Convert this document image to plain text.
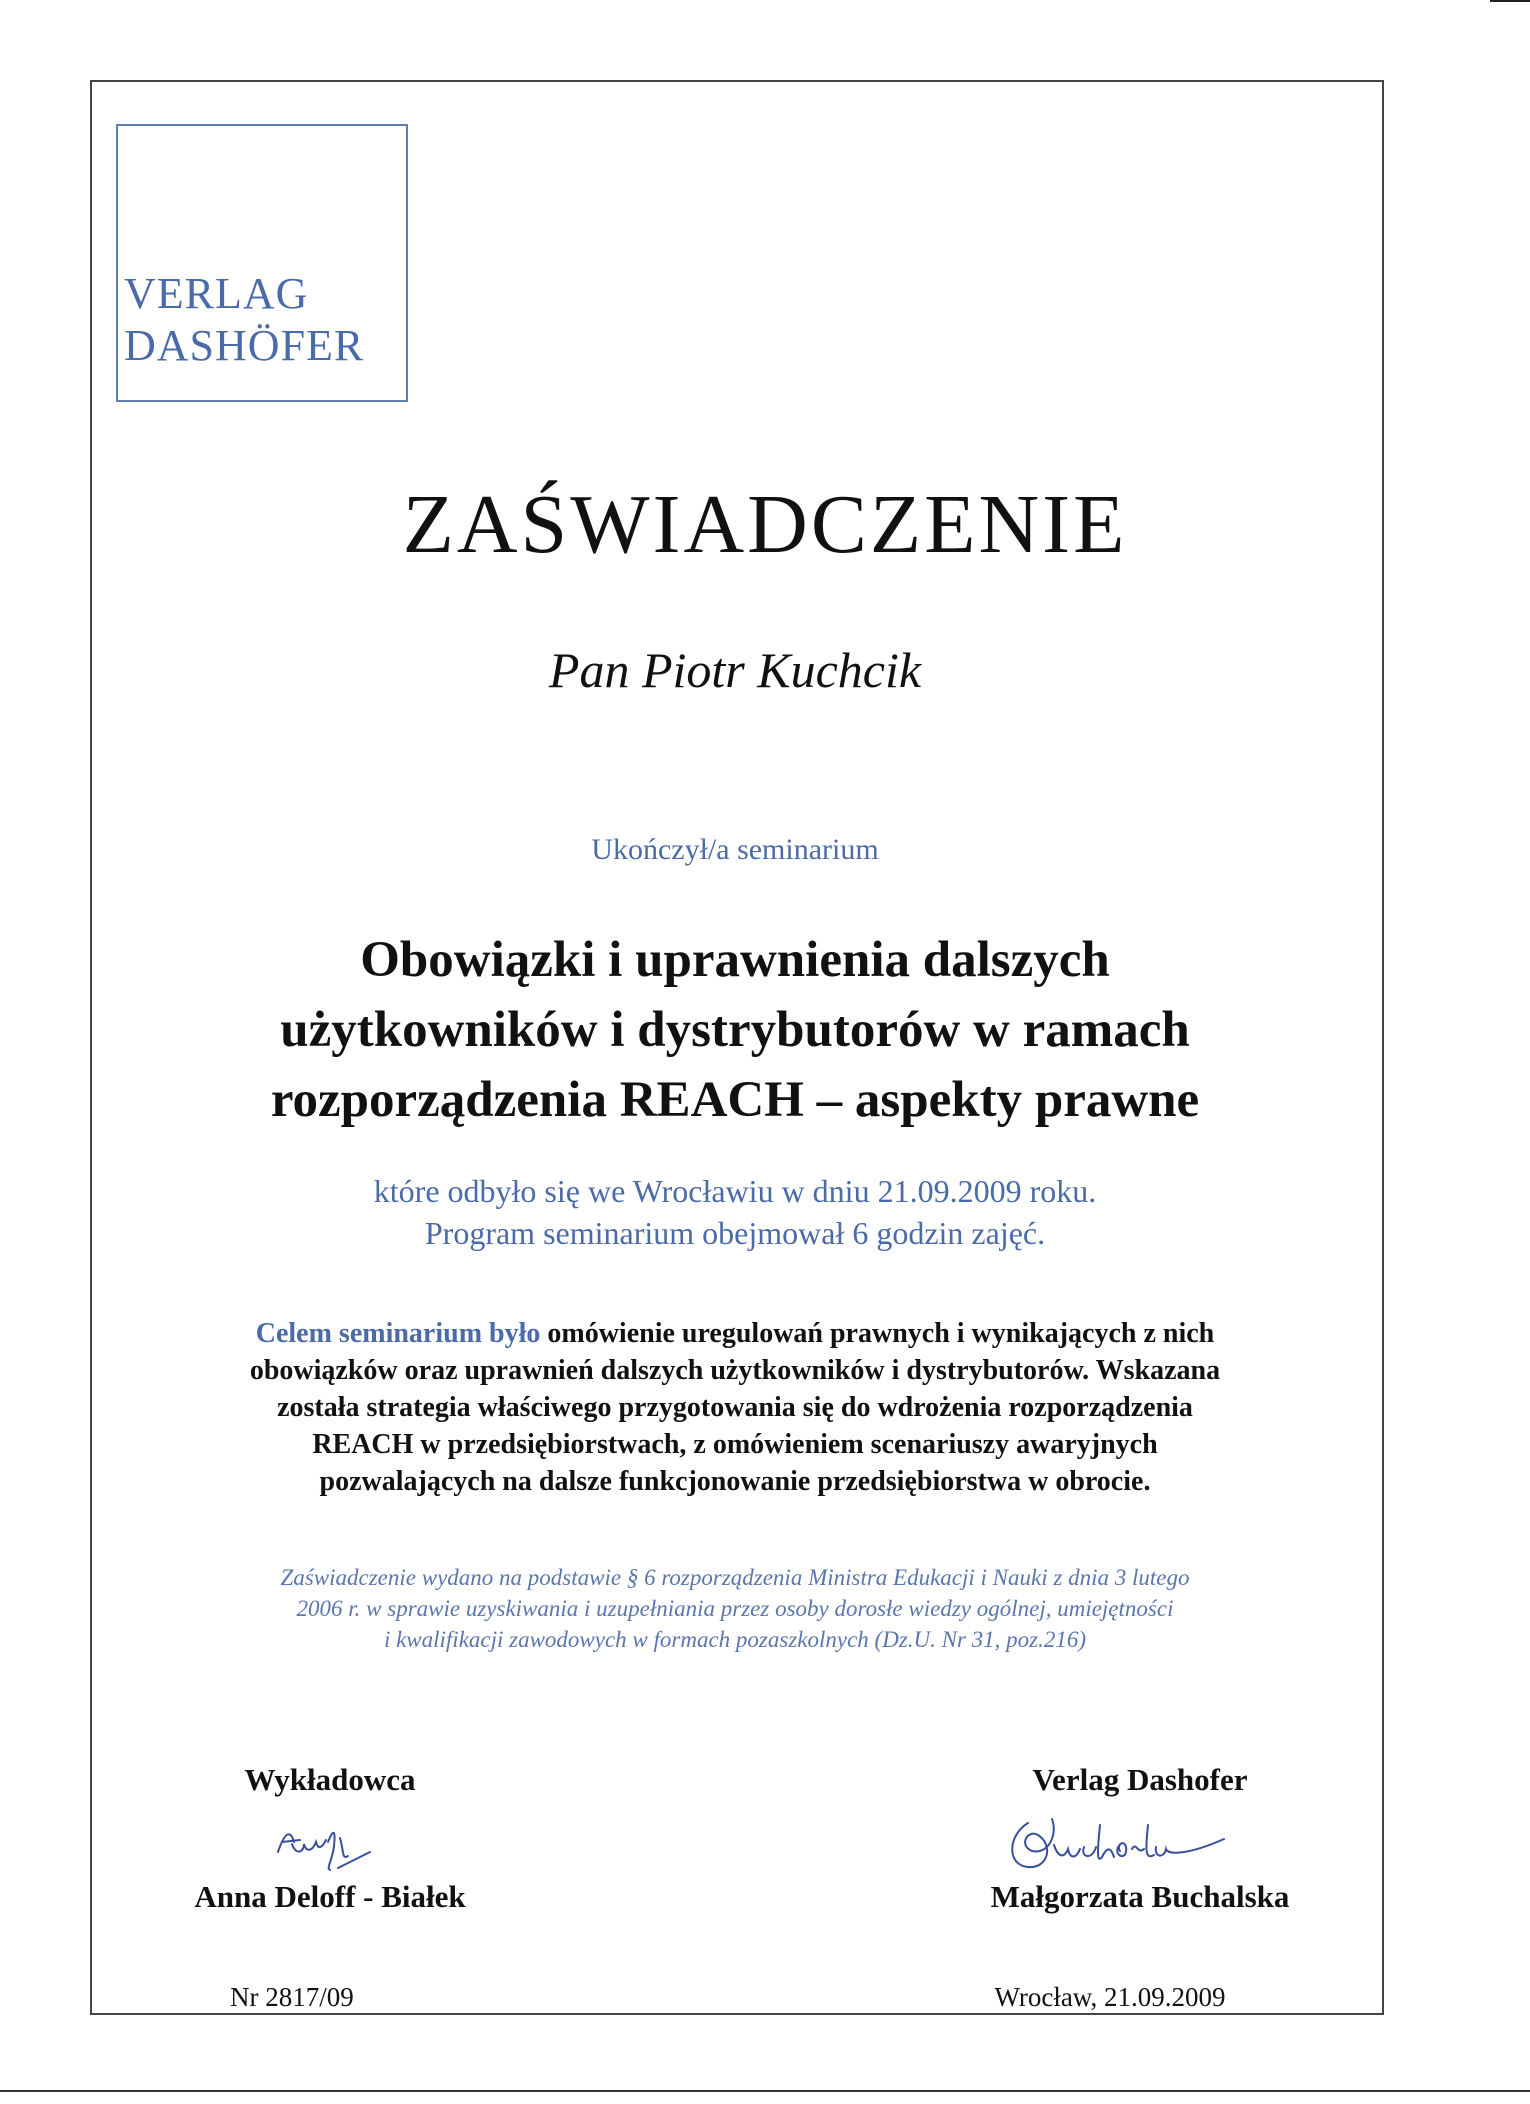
VERLAG
DASHÖFER
ZAŚWIADCZENIE
Pan Piotr Kuchcik
Ukończył/a seminarium
Obowiązki i uprawnienia dalszych
użytkowników i dystrybutorów w ramach
rozporządzenia REACH – aspekty prawne
które odbyło się we Wrocławiu w dniu 21.09.2009 roku.
Program seminarium obejmował 6 godzin zajęć.
Celem seminarium było omówienie uregulowań prawnych i wynikających z nich
obowiązków oraz uprawnień dalszych użytkowników i dystrybutorów. Wskazana
została strategia właściwego przygotowania się do wdrożenia rozporządzenia
REACH w przedsiębiorstwach, z omówieniem scenariuszy awaryjnych
pozwalających na dalsze funkcjonowanie przedsiębiorstwa w obrocie.
Zaświadczenie wydano na podstawie § 6 rozporządzenia Ministra Edukacji i Nauki z dnia 3 lutego
2006 r. w sprawie uzyskiwania i uzupełniania przez osoby dorosłe wiedzy ogólnej, umiejętności
i kwalifikacji zawodowych w formach pozaszkolnych (Dz.U. Nr 31, poz.216)
Wykładowca
Anna Deloff - Białek
Verlag Dashofer
Małgorzata Buchalska
Nr 2817/09	Wrocław, 21.09.2009
